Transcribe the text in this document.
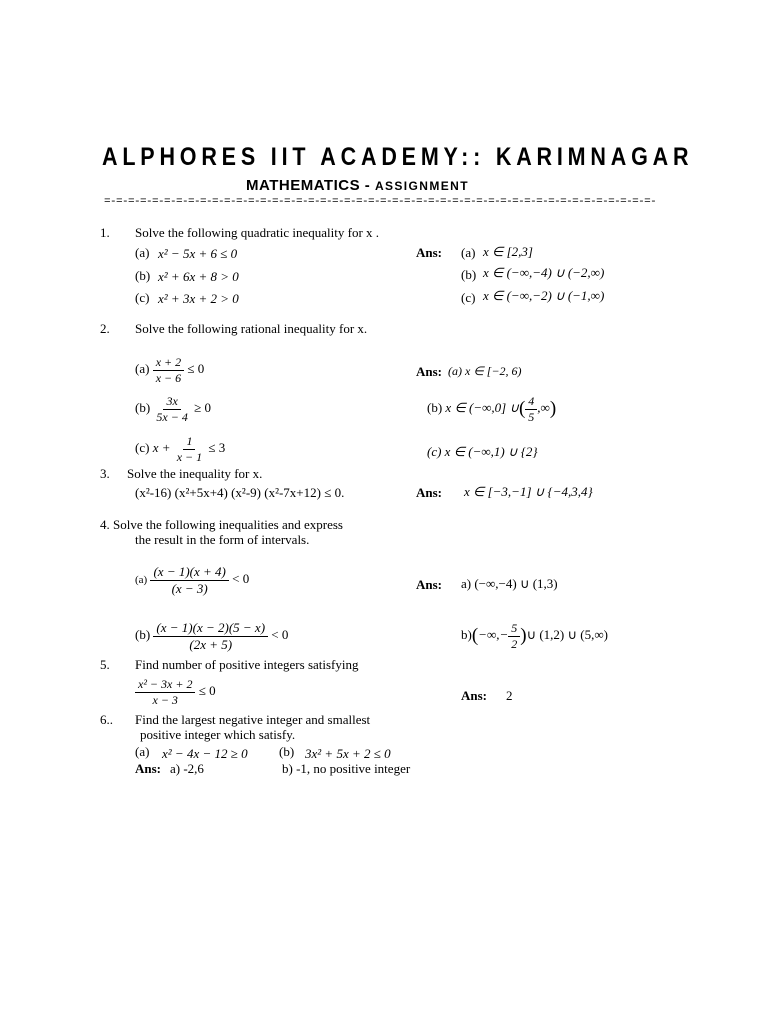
ALPHORES IIT ACADEMY:: KARIMNAGAR
MATHEMATICS - ASSIGNMENT
=-=-=-=-=-=-=-=-=-=-=-=-=-=-=-=-=-=-=-=-=-=-=-=-=-=-=-=-=-=-=-=-=-=-=-=-=-=-=-=-=-=-=-=-=-=-
1. Solve the following quadratic inequality for x .
(a) x² − 5x + 6 ≤ 0	Ans: (a) x ∈ [2,3]
(b) x² + 6x + 8 > 0	(b) x ∈ (−∞,−4) ∪ (−2,∞)
(c) x² + 3x + 2 > 0	(c) x ∈ (−∞,−2) ∪ (−1,∞)
2. Solve the following rational inequality for x.
$(a) \frac{x + 2}{x - 6} \le 0$	Ans: (a) x ∈ [−2, 6)
$(b) \frac{3x}{5x - 4} \ge 0$	(b) x ∈ (−∞,0] ∪( $\frac{4}{5}$ ,∞)
(c) $x + \frac{1}{x - 1} \le 3$	(c) x ∈ (−∞,1) ∪ {2}
3. Solve the inequality for x.
(x²-16) (x²+5x+4) (x²-9) (x²-7x+12) ≤ 0.	Ans: x ∈ [−3,−1] ∪ {−4,3,4}
4. Solve the following inequalities and express
the result in the form of intervals.
$(a) \frac{(x - 1)(x + 4)}{(x - 3)} < 0$	Ans: a) (−∞,−4) ∪ (1,3)
$(b) \frac{(x - 1)(x - 2)(5 - x)}{(2x + 5)} < 0$	$b)(-\infty,- \frac{5}{2}$ )∪ (1,2) ∪ (5,∞)
5. Find number of positive integers satisfying
$\frac{\text{x² − 3x + 2}}{x - 3} \le 0$	Ans: 2
6.. Find the largest negative integer and smallest
positive integer which satisfy.
(a) x² − 4x − 12 ≥ 0 (b) 3x² + 5x + 2 ≤ 0
Ans: a) -2,6	b) -1, no positive integer
